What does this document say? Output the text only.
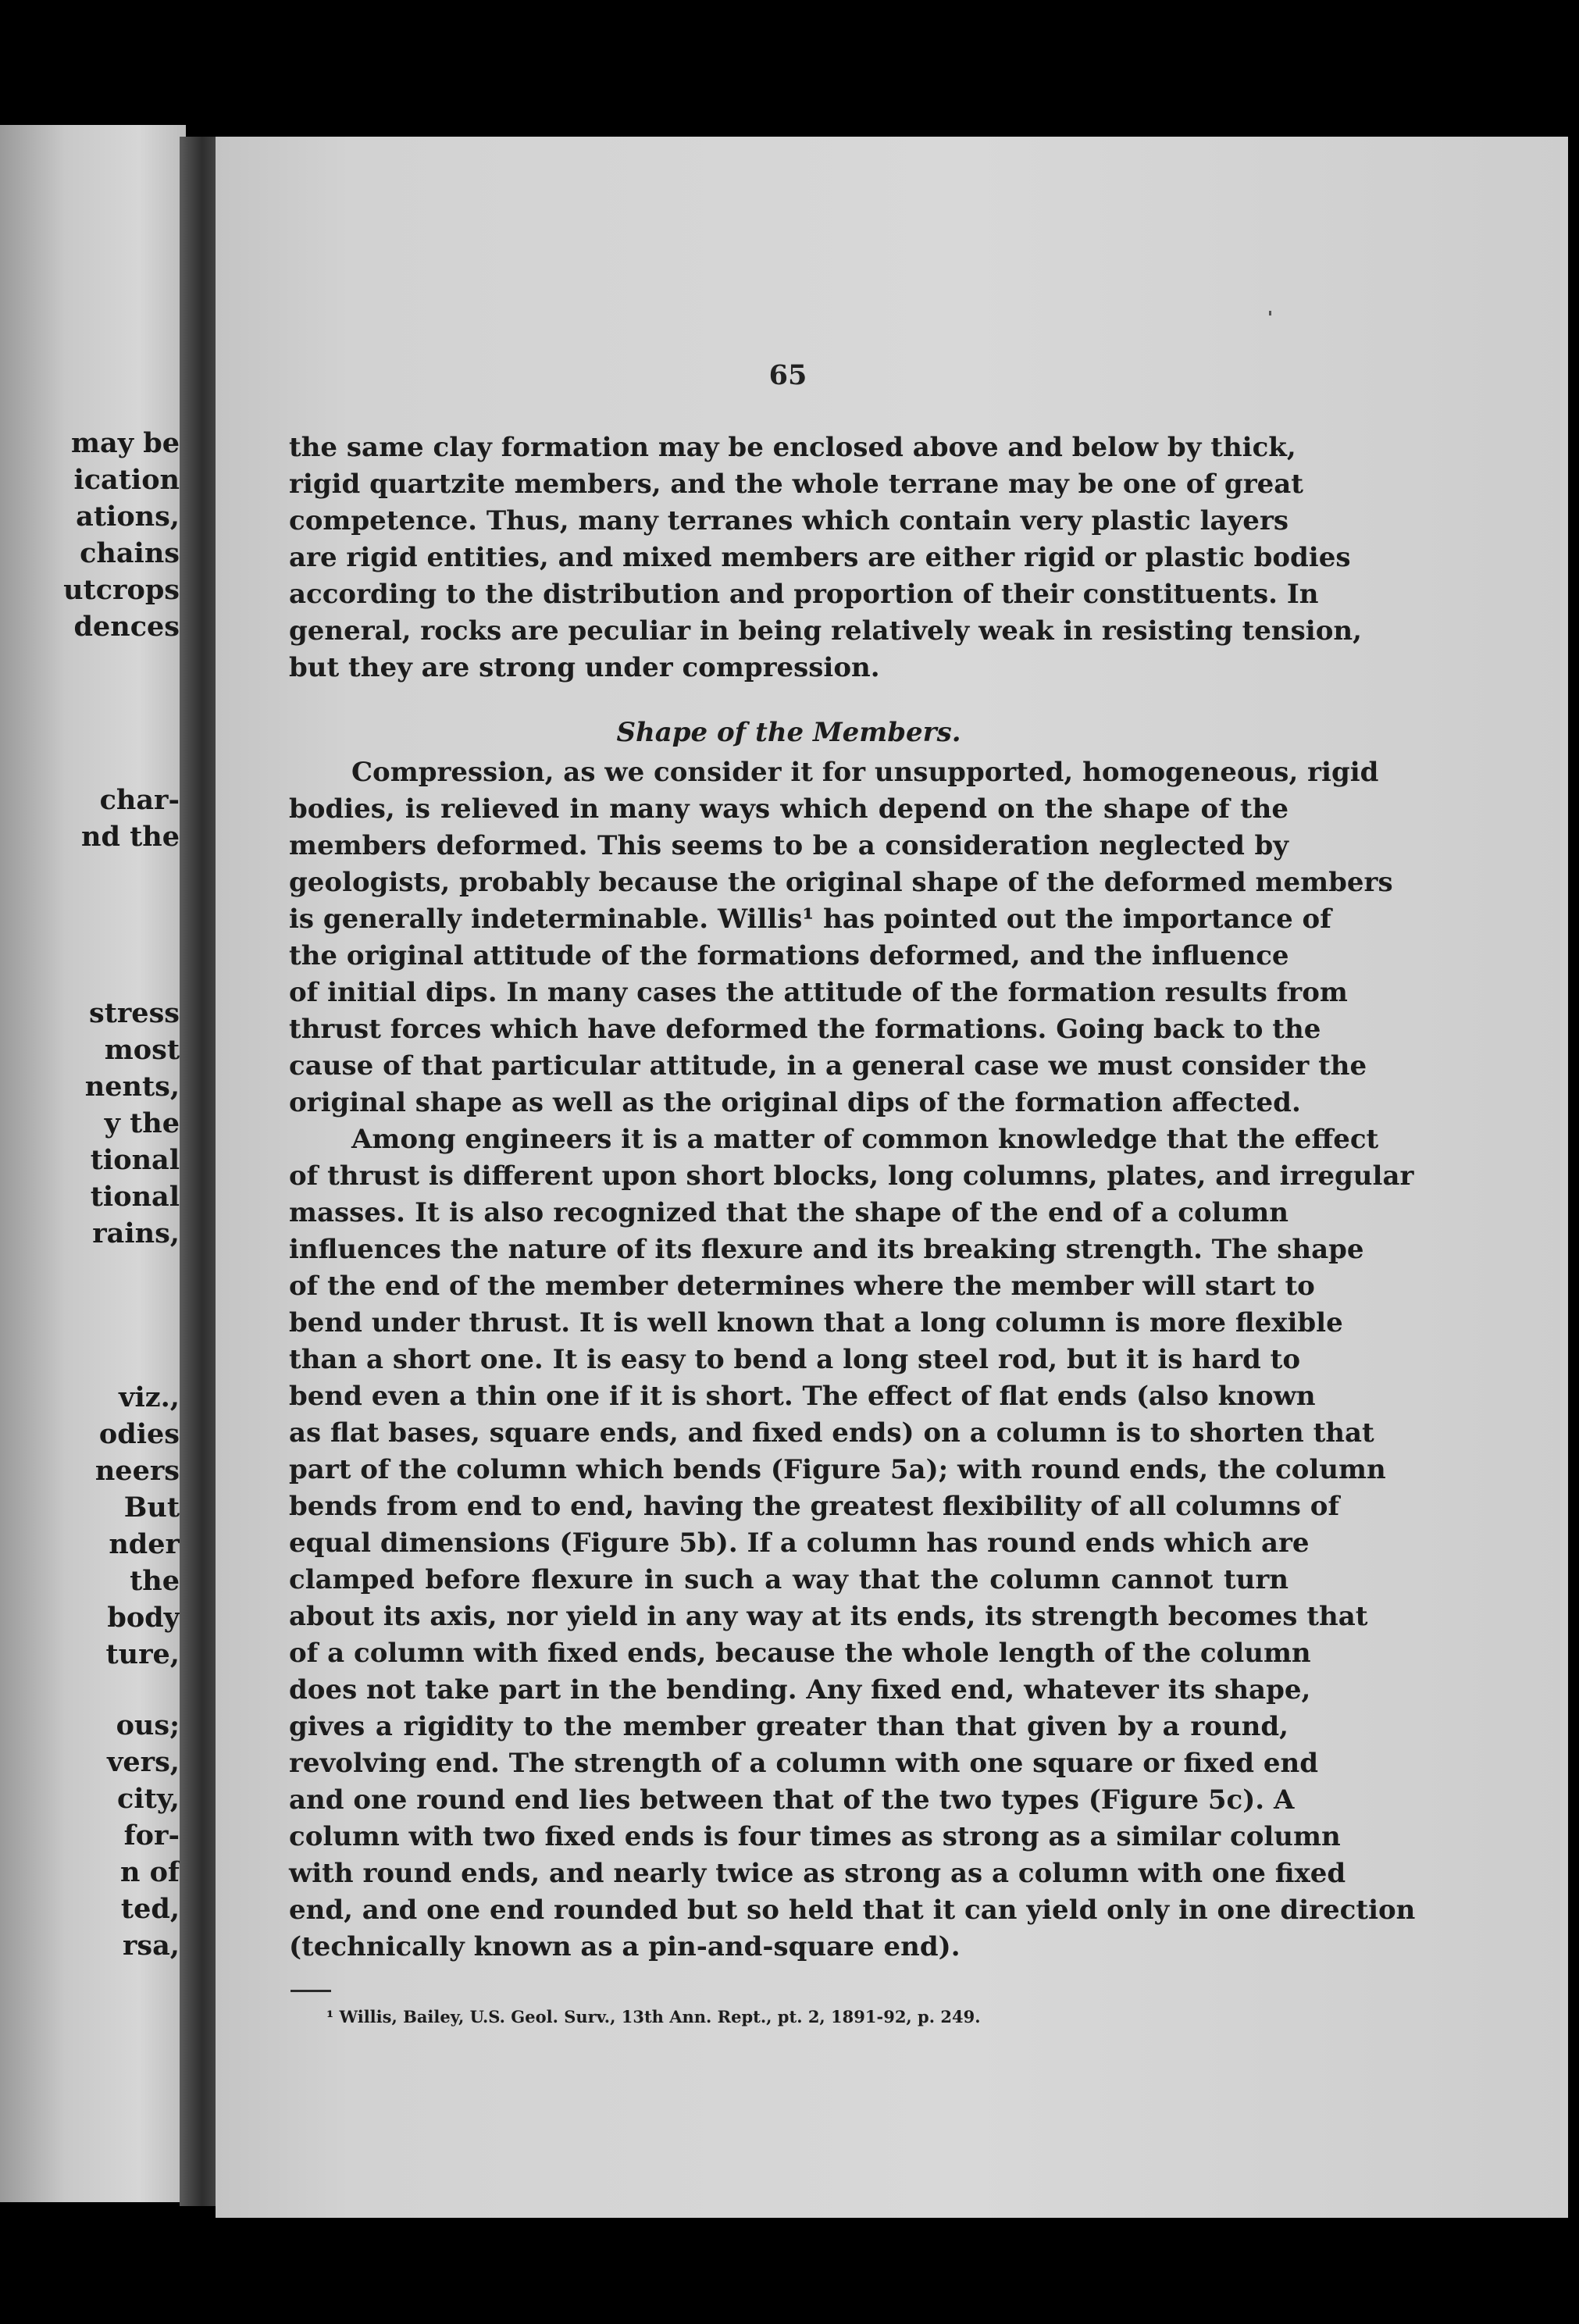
may be
ication
ations,
chains
utcrops
dences
char-
nd the
stress
most
nents,
y the
tional
tional
rains,
viz.,
odies
neers
But
nder
the
body
ture,
ous;
vers,
city,
for-
n of
ted,
rsa,
65
the same clay formation may be enclosed above and below by thick,
rigid quartzite members, and the whole terrane may be one of great
competence. Thus, many terranes which contain very plastic layers
are rigid entities, and mixed members are either rigid or plastic bodies
according to the distribution and proportion of their constituents. In
general, rocks are peculiar in being relatively weak in resisting tension,
but they are strong under compression.
Shape of the Members.
Compression, as we consider it for unsupported, homogeneous, rigid
bodies, is relieved in many ways which depend on the shape of the
members deformed. This seems to be a consideration neglected by
geologists, probably because the original shape of the deformed members
is generally indeterminable. Willis¹ has pointed out the importance of
the original attitude of the formations deformed, and the influence
of initial dips. In many cases the attitude of the formation results from
thrust forces which have deformed the formations. Going back to the
cause of that particular attitude, in a general case we must consider the
original shape as well as the original dips of the formation affected.
Among engineers it is a matter of common knowledge that the effect
of thrust is different upon short blocks, long columns, plates, and irregular
masses. It is also recognized that the shape of the end of a column
influences the nature of its flexure and its breaking strength. The shape
of the end of the member determines where the member will start to
bend under thrust. It is well known that a long column is more flexible
than a short one. It is easy to bend a long steel rod, but it is hard to
bend even a thin one if it is short. The effect of flat ends (also known
as flat bases, square ends, and fixed ends) on a column is to shorten that
part of the column which bends (Figure 5a); with round ends, the column
bends from end to end, having the greatest flexibility of all columns of
equal dimensions (Figure 5b). If a column has round ends which are
clamped before flexure in such a way that the column cannot turn
about its axis, nor yield in any way at its ends, its strength becomes that
of a column with fixed ends, because the whole length of the column
does not take part in the bending. Any fixed end, whatever its shape,
gives a rigidity to the member greater than that given by a round,
revolving end. The strength of a column with one square or fixed end
and one round end lies between that of the two types (Figure 5c). A
column with two fixed ends is four times as strong as a similar column
with round ends, and nearly twice as strong as a column with one fixed
end, and one end rounded but so held that it can yield only in one direction
(technically known as a pin-and-square end).
¹ Willis, Bailey, U.S. Geol. Surv., 13th Ann. Rept., pt. 2, 1891-92, p. 249.
